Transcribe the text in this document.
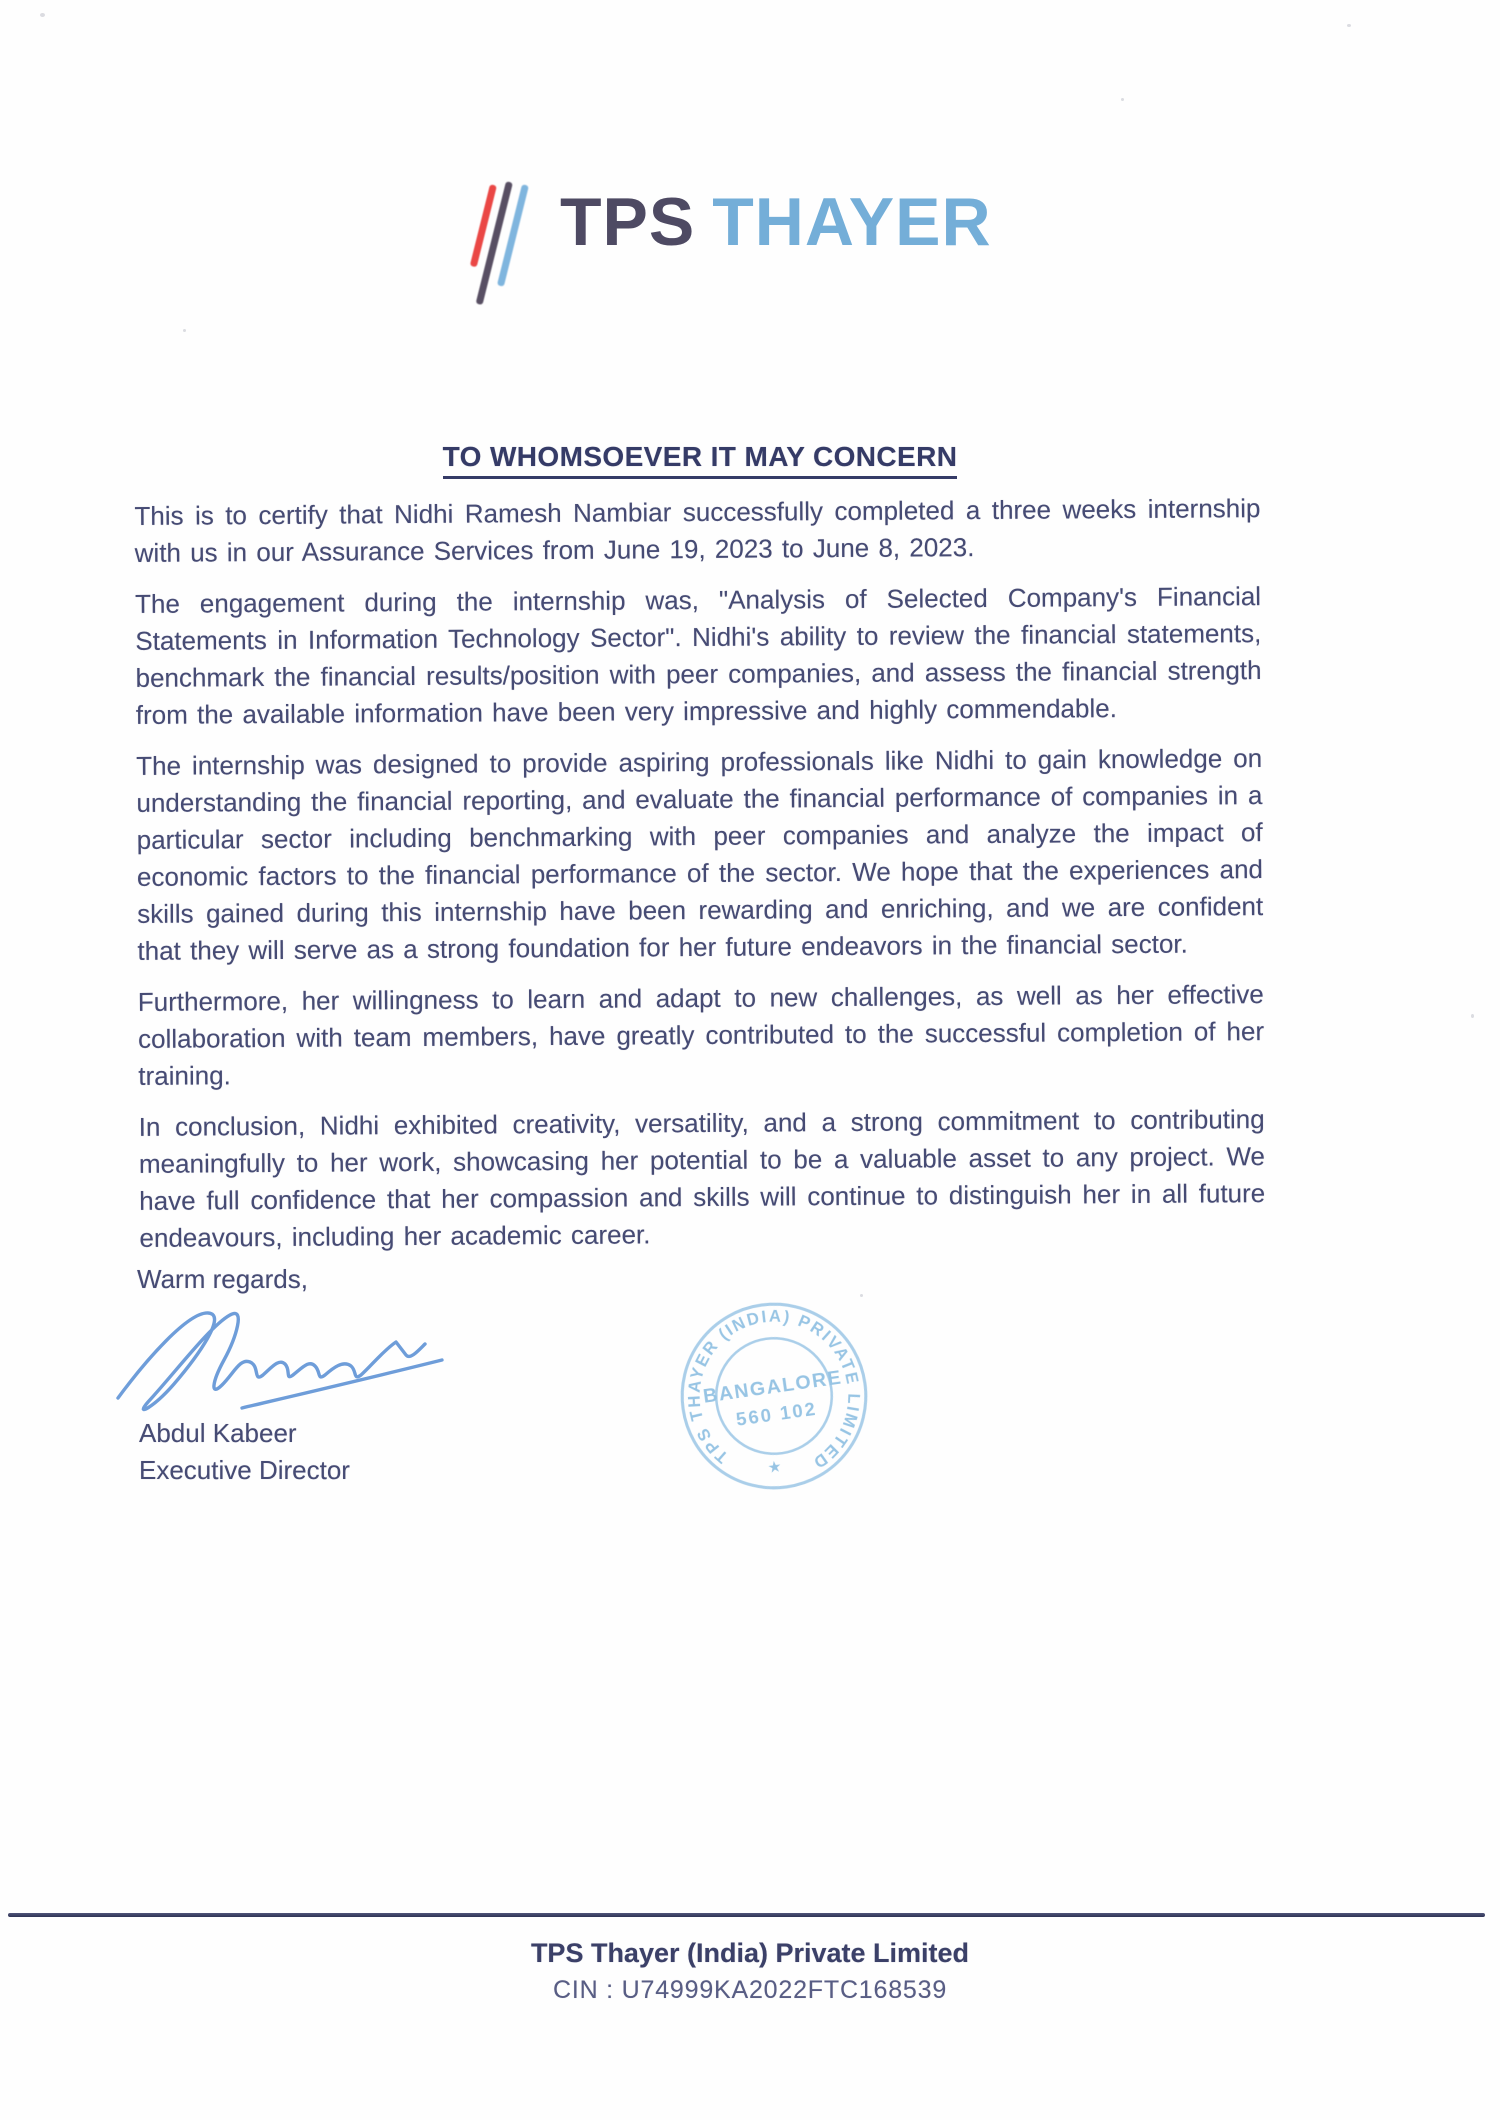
TPS THAYER
TO WHOMSOEVER IT MAY CONCERN

This is to certify that Nidhi Ramesh Nambiar successfully completed a three weeks internship with us in our Assurance Services from June 19, 2023 to June 8, 2023.

The engagement during the internship was, "Analysis of Selected Company's Financial Statements in Information Technology Sector". Nidhi's ability to review the financial statements, benchmark the financial results/position with peer companies, and assess the financial strength from the available information have been very impressive and highly commendable.

The internship was designed to provide aspiring professionals like Nidhi to gain knowledge on understanding the financial reporting, and evaluate the financial performance of companies in a particular sector including benchmarking with peer companies and analyze the impact of economic factors to the financial performance of the sector. We hope that the experiences and skills gained during this internship have been rewarding and enriching, and we are confident that they will serve as a strong foundation for her future endeavors in the financial sector.

Furthermore, her willingness to learn and adapt to new challenges, as well as her effective collaboration with team members, have greatly contributed to the successful completion of her training.

In conclusion, Nidhi exhibited creativity, versatility, and a strong commitment to contributing meaningfully to her work, showcasing her potential to be a valuable asset to any project. We have full confidence that her compassion and skills will continue to distinguish her in all future endeavours, including her academic career.

Warm regards,
Abdul Kabeer
Executive Director	TPS THAYER (INDIA) PRIVATE LIMITED
BANGALORE
560 102
★
TPS Thayer (India) Private Limited
CIN : U74999KA2022FTC168539
